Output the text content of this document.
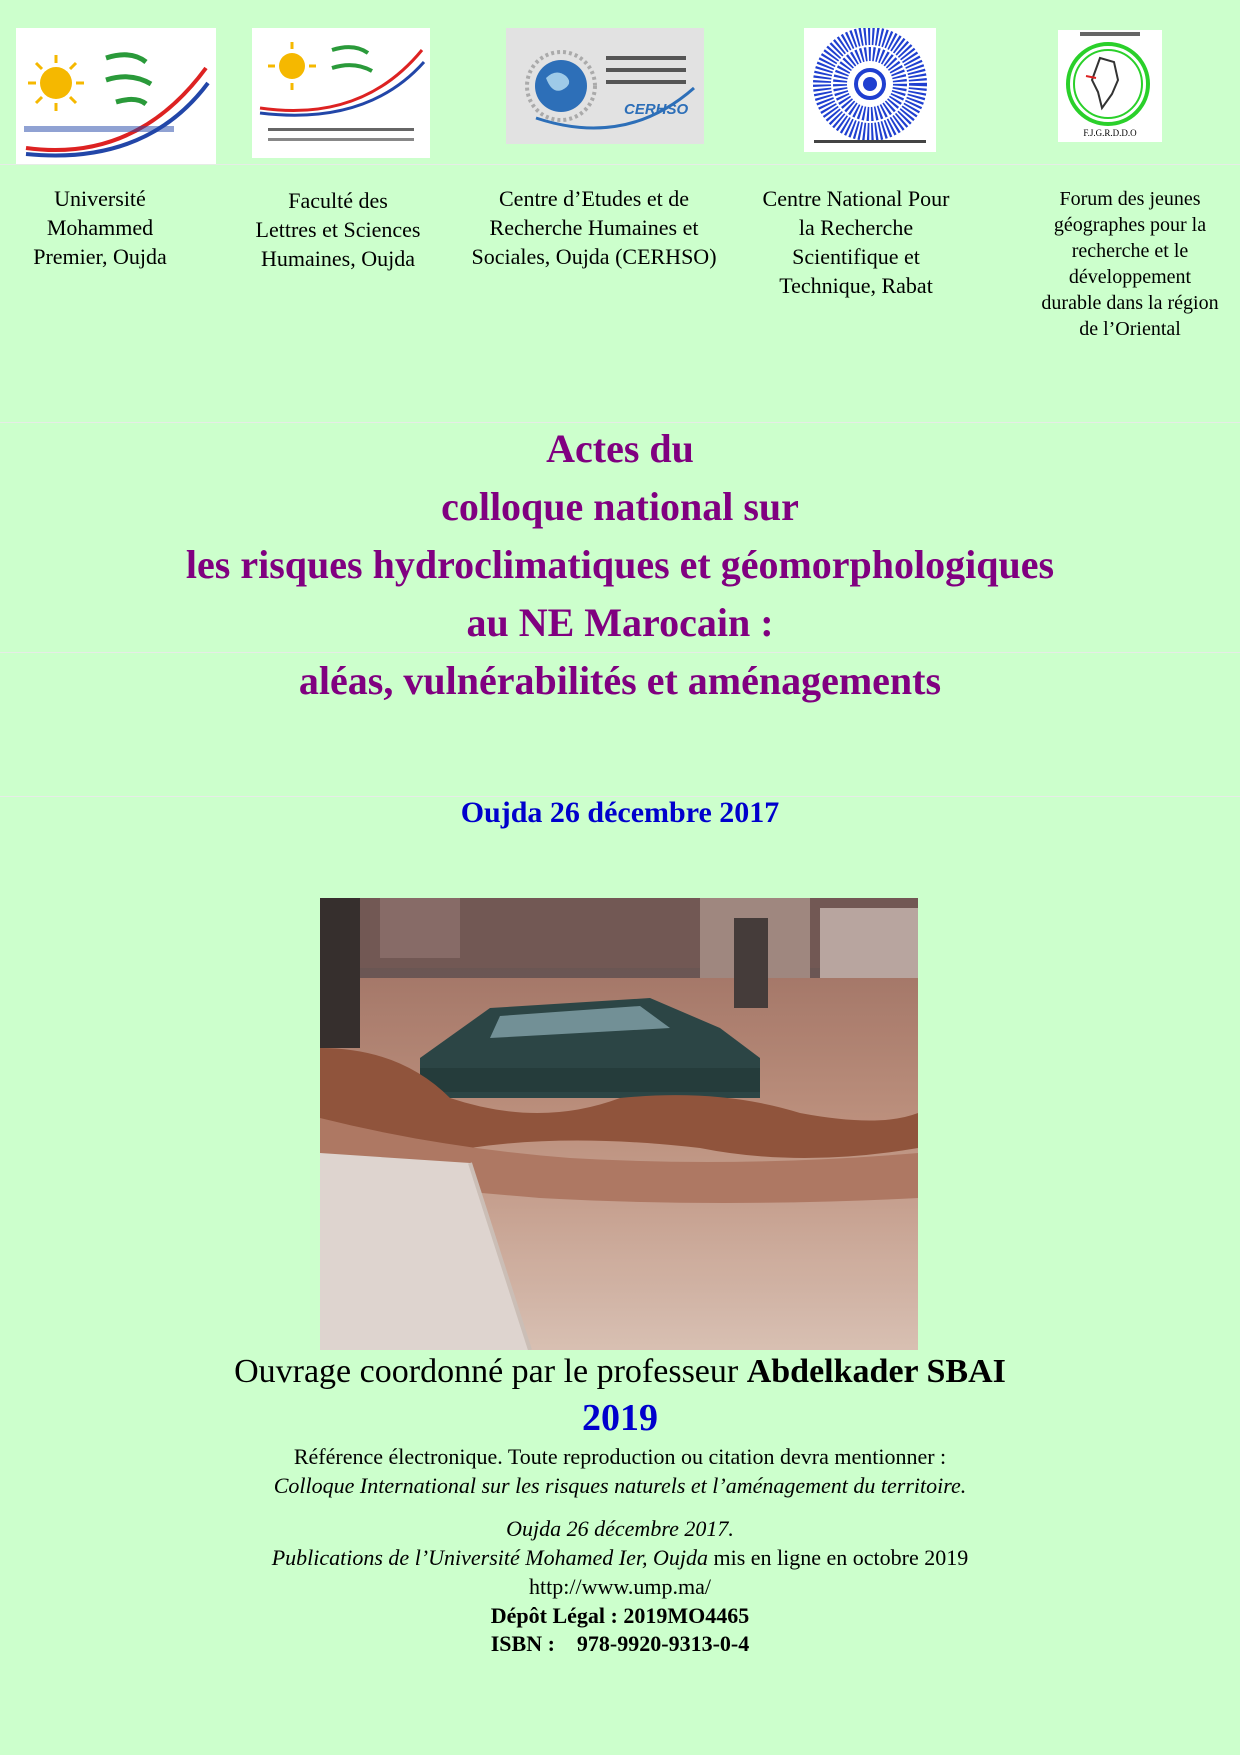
CERHSO
F.J.G.R.D.D.O
Université
Mohammed
Premier, Oujda
Faculté des
Lettres et Sciences
Humaines, Oujda
Centre d’Etudes et de
Recherche Humaines et
Sociales, Oujda (CERHSO)
Centre National Pour
la Recherche
Scientifique et
Technique, Rabat
Forum des jeunes
géographes pour la
recherche et le
développement
durable dans la région
de l’Oriental
Actes du
colloque national sur
les risques hydroclimatiques et géomorphologiques
au NE Marocain :
aléas, vulnérabilités et aménagements
Oujda 26 décembre 2017
Ouvrage coordonné par le professeur Abdelkader SBAI
2019
Référence électronique. Toute reproduction ou citation devra mentionner :
Colloque International sur les risques naturels et l’aménagement du territoire.
Oujda 26 décembre 2017.
Publications de l’Université Mohamed Ier, Oujda mis en ligne en octobre 2019
http://www.ump.ma/
Dépôt Légal : 2019MO4465
ISBN :    978-9920-9313-0-4
